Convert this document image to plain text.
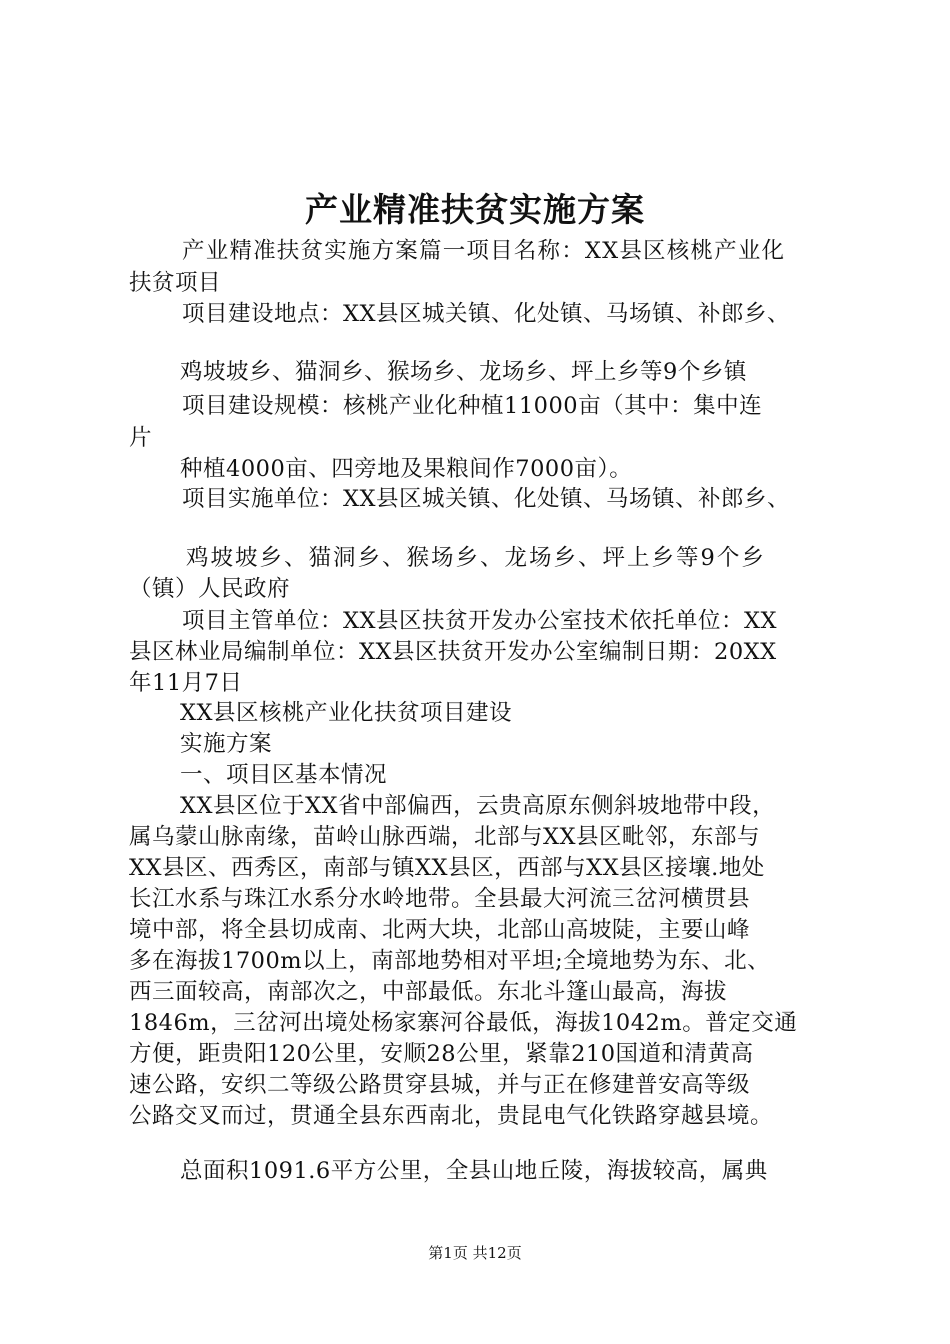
产业精准扶贫实施方案
产业精准扶贫实施方案篇一项目名称：XX县区核桃产业化
扶贫项目
项目建设地点：XX县区城关镇、化处镇、马场镇、补郎乡、
鸡坡坡乡、猫洞乡、猴场乡、龙场乡、坪上乡等9个乡镇
项目建设规模：核桃产业化种植11000亩（其中：集中连
片
种植4000亩、四旁地及果粮间作7000亩）。
项目实施单位：XX县区城关镇、化处镇、马场镇、补郎乡、
鸡坡坡乡、猫洞乡、猴场乡、龙场乡、坪上乡等9个乡
（镇）人民政府
项目主管单位：XX县区扶贫开发办公室技术依托单位：XX
县区林业局编制单位：XX县区扶贫开发办公室编制日期：20XX
年11月7日
XX县区核桃产业化扶贫项目建设
实施方案
一、项目区基本情况
XX县区位于XX省中部偏西，云贵高原东侧斜坡地带中段，
属乌蒙山脉南缘，苗岭山脉西端，北部与XX县区毗邻，东部与
XX县区、西秀区，南部与镇XX县区，西部与XX县区接壤.地处
长江水系与珠江水系分水岭地带。全县最大河流三岔河横贯县
境中部，将全县切成南、北两大块，北部山高坡陡，主要山峰
多在海拔1700m以上，南部地势相对平坦;全境地势为东、北、
西三面较高，南部次之，中部最低。东北斗篷山最高，海拔
1846m，三岔河出境处杨家寨河谷最低，海拔1042m。普定交通
方便，距贵阳120公里，安顺28公里，紧靠210国道和清黄高
速公路，安织二等级公路贯穿县城，并与正在修建普安高等级
公路交叉而过，贯通全县东西南北，贵昆电气化铁路穿越县境。
总面积1091.6平方公里，全县山地丘陵，海拔较高，属典
第1页 共12页
